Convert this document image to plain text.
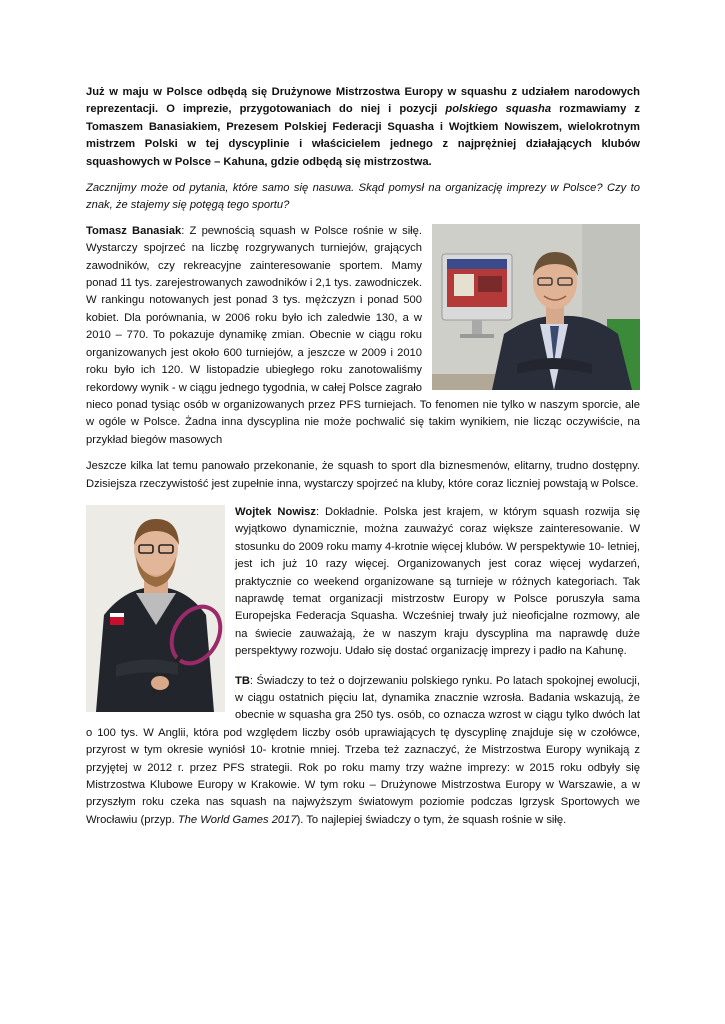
Już w maju w Polsce odbędą się Drużynowe Mistrzostwa Europy w squashu z udziałem narodowych reprezentacji. O imprezie, przygotowaniach do niej i pozycji polskiego squasha rozmawiamy z Tomaszem Banasiakiem, Prezesem Polskiej Federacji Squasha i Wojtkiem Nowiszem, wielokrotnym mistrzem Polski w tej dyscyplinie i właścicielem jednego z najprężniej działających klubów squashowych w Polsce – Kahuna, gdzie odbędą się mistrzostwa.

Zacznijmy może od pytania, które samo się nasuwa. Skąd pomysł na organizację imprezy w Polsce? Czy to znak, że stajemy się potęgą tego sportu?

Tomasz Banasiak: Z pewnością squash w Polsce rośnie w siłę. Wystarczy spojrzeć na liczbę rozgrywanych turniejów, grających zawodników, czy rekreacyjne zainteresowanie sportem. Mamy ponad 11 tys. zarejestrowanych zawodników i 2,1 tys. zawodniczek. W rankingu notowanych jest ponad 3 tys. mężczyzn i ponad 500 kobiet. Dla porównania, w 2006 roku było ich zaledwie 130, a w 2010 – 770. To pokazuje dynamikę zmian. Obecnie w ciągu roku organizowanych jest około 600 turniejów, a jeszcze w 2009 i 2010 roku było ich 120. W listopadzie ubiegłego roku zanotowaliśmy rekordowy wynik - w ciągu jednego tygodnia, w całej Polsce zagrało nieco ponad tysiąc osób w organizowanych przez PFS turniejach. To fenomen nie tylko w naszym sporcie, ale w ogóle w Polsce. Żadna inna dyscyplina nie może pochwalić się takim wynikiem, nie licząc oczywiście, na przykład biegów masowych

Jeszcze kilka lat temu panowało przekonanie, że squash to sport dla biznesmenów, elitarny, trudno dostępny. Dzisiejsza rzeczywistość jest zupełnie inna, wystarczy spojrzeć na kluby, które coraz liczniej powstają w Polsce.

Wojtek Nowisz: Dokładnie. Polska jest krajem, w którym squash rozwija się wyjątkowo dynamicznie, można zauważyć coraz większe zainteresowanie. W stosunku do 2009 roku mamy 4-krotnie więcej klubów. W perspektywie 10- letniej, jest ich już 10 razy więcej. Organizowanych jest coraz więcej wydarzeń, praktycznie co weekend organizowane są turnieje w różnych kategoriach. Tak naprawdę temat organizacji mistrzostw Europy w Polsce poruszyła sama Europejska Federacja Squasha. Wcześniej trwały już nieoficjalne rozmowy, ale na świecie zauważają, że w naszym kraju dyscyplina ma naprawdę duże perspektywy rozwoju. Udało się dostać organizację imprezy i padło na Kahunę.

TB: Świadczy to też o dojrzewaniu polskiego rynku. Po latach spokojnej ewolucji, w ciągu ostatnich pięciu lat, dynamika znacznie wzrosła. Badania wskazują, że obecnie w squasha gra 250 tys. osób, co oznacza wzrost w ciągu tylko dwóch lat o 100 tys. W Anglii, która pod względem liczby osób uprawiających tę dyscyplinę znajduje się w czołówce, przyrost w tym okresie wyniósł 10- krotnie mniej. Trzeba też zaznaczyć, że Mistrzostwa Europy wynikają z przyjętej w 2012 r. przez PFS strategii. Rok po roku mamy trzy ważne imprezy: w 2015 roku odbyły się Mistrzostwa Klubowe Europy w Krakowie. W tym roku – Drużynowe Mistrzostwa Europy w Warszawie, a w przyszłym roku czeka nas squash na najwyższym światowym poziomie podczas Igrzysk Sportowych we Wrocławiu (przyp. The World Games 2017). To najlepiej świadczy o tym, że squash rośnie w siłę.
